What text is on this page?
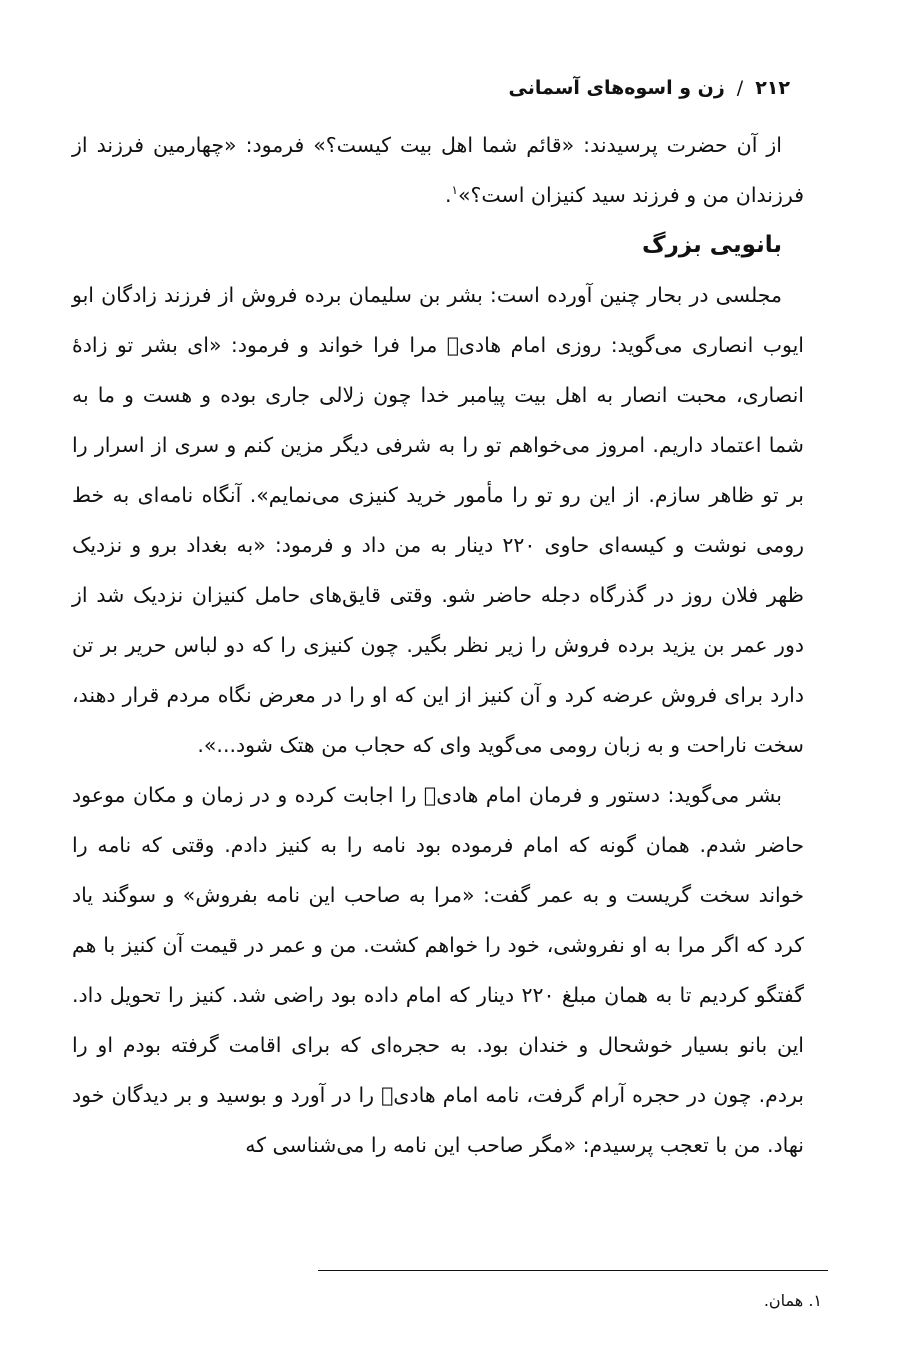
۲۱۲/زن و اسوه‌های آسمانی

از آن حضرت پرسیدند: «قائم شما اهل بیت کیست؟» فرمود: «چهارمین فرزند از فرزندان من و فرزند سید کنیزان است؟»$^۱$.

بانویی بزرگ

مجلسی در بحار چنین آورده است: بشر بن سلیمان برده فروش از فرزند زادگان ابو ایوب انصاری می‌گوید: روزی امام هادی‌﷣ مرا فرا خواند و فرمود: «ای بشر تو زادهٔ انصاری، محبت انصار به اهل بیت پیامبر خدا چون زلالی جاری بوده و هست و ما به شما اعتماد داریم. امروز می‌خواهم تو را به شرفی دیگر مزین کنم و سری از اسرار را بر تو ظاهر سازم. از این رو تو را مأمور خرید کنیزی می‌نمایم». آنگاه نامه‌ای به خط رومی نوشت و کیسه‌ای حاوی ۲۲۰ دینار به من داد و فرمود: «به بغداد برو و نزدیک ظهر فلان روز در گذرگاه دجله حاضر شو. وقتی قایق‌های حامل کنیزان نزدیک شد از دور عمر بن یزید برده فروش را زیر نظر بگیر. چون کنیزی را که دو لباس حریر بر تن دارد برای فروش عرضه کرد و آن کنیز از این که او را در معرض نگاه مردم قرار دهند، سخت ناراحت و به زبان رومی می‌گوید وای که حجاب من هتک شود...».

بشر می‌گوید: دستور و فرمان امام هادی‌﷣ را اجابت کرده و در زمان و مکان موعود حاضر شدم. همان گونه که امام فرموده بود نامه را به کنیز دادم. وقتی که نامه را خواند سخت گریست و به عمر گفت: «مرا به صاحب این نامه بفروش» و سوگند یاد کرد که اگر مرا به او نفروشی، خود را خواهم کشت. من و عمر در قیمت آن کنیز با هم گفتگو کردیم تا به همان مبلغ ۲۲۰ دینار که امام داده بود راضی شد. کنیز را تحویل داد. این بانو بسیار خوشحال و خندان بود. به حجره‌ای که برای اقامت گرفته بودم او را بردم. چون در حجره آرام گرفت، نامه امام هادی‌﷣ را در آورد و بوسید و بر دیدگان خود نهاد. من با تعجب پرسیدم: «مگر صاحب این نامه را می‌شناسی که

۱. همان.
